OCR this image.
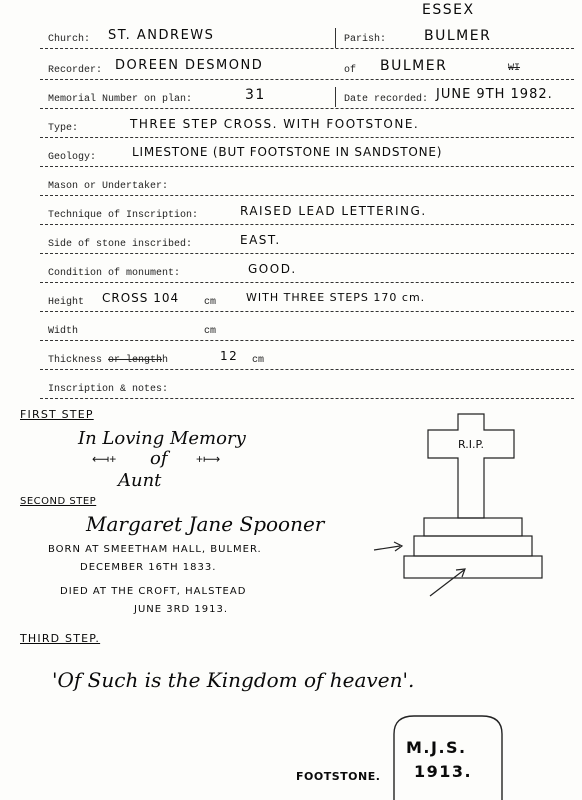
ESSEX
Church: ST. ANDREWS	Parish:	BULMER
Recorder: DOREEN DESMOND	of BULMER	WI
Memorial Number on plan:	31	Date recorded: JUNE 9TH 1982.
Type:	THREE STEP CROSS. WITH FOOTSTONE.
Geology:	LIMESTONE (BUT FOOTSTONE IN SANDSTONE)
Mason or Undertaker:
Technique of Inscription:	RAISED LEAD LETTERING.
Side of stone inscribed:	EAST.
Condition of monument:	GOOD.
Height CROSS 104 cm	WITH THREE STEPS 170 cm.
Width	cm
Thickness or lengthh	12 cm
Inscription & notes:
FIRST STEP
In Loving Memory
⟻+ of +⟼
Aunt
SECOND STEP
Margaret Jane Spooner
BORN AT SMEETHAM HALL, BULMER.
DECEMBER 16TH 1833.
DIED AT THE CROFT, HALSTEAD
JUNE 3RD 1913.
THIRD STEP.
'Of Such is the Kingdom of heaven'.
R.I.P.
FOOTSTONE.
M.J.S.
1913.
